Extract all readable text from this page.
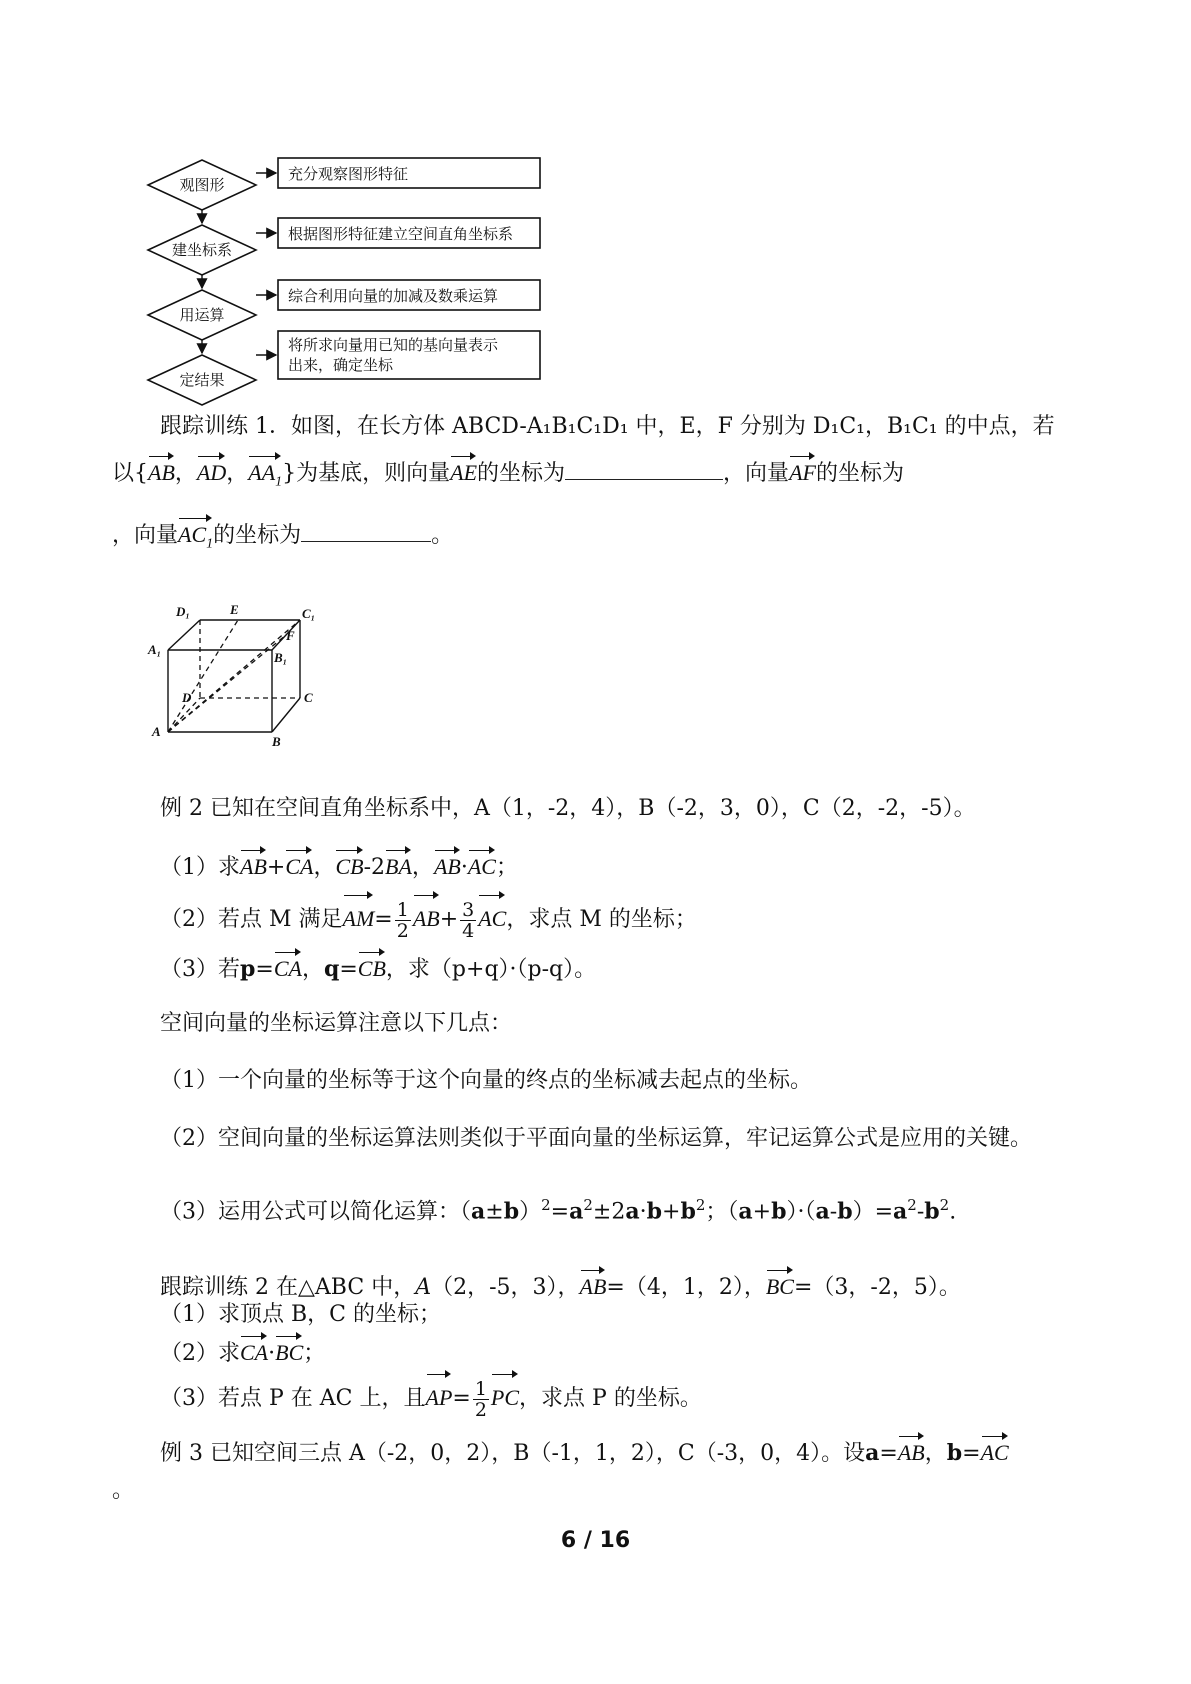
观图形
建坐标系
用运算
定结果
充分观察图形特征
根据图形特征建立空间直角坐标系
综合利用向量的加减及数乘运算
将所求向量用已知的基向量表示
出来，确定坐标
跟踪训练 1．如图，在长方体 ABCD-A₁B₁C₁D₁ 中，E，F 分别为 D₁C₁，B₁C₁ 的中点，若
以{AB，AD，$AA_1$}为基底，则向量AE的坐标为	，向量AF的坐标为
，向量$AC_1$的坐标为	。
D₁	E	C₁
A₁
F
B₁
D	C
A
B
例 2 已知在空间直角坐标系中，A（1，-2，4），B（-2，3，0），C（2，-2，-5）。
（1）求AB+CA，CB-2BA，AB·AC；
（2）若点 M 满足$AM= \frac{1}{2} AB+ \frac{3}{4}$ AC，求点 M 的坐标；
（3）若p=CA，q=CB，求（p+q）·（p-q）。
空间向量的坐标运算注意以下几点：
（1）一个向量的坐标等于这个向量的终点的坐标减去起点的坐标。
（2）空间向量的坐标运算法则类似于平面向量的坐标运算，牢记运算公式是应用的关键。
（3）运用公式可以简化运算：$(a\pm b)^2=a^2\pm 2a\cdot b+b^2$；$(a+b)\cdot(a-b)=a^2-b^2$.
跟踪训练 2 在△ABC 中，A（2，-5，3），AB=（4，1，2），BC=（3，-2，5）。
（1）求顶点 B，C 的坐标；
（2）求CA·BC；
（3）若点 P 在 AC 上，且$AP= \frac{1}{2}$ PC，求点 P 的坐标。
例 3 已知空间三点 A（-2，0，2），B（-1，1，2），C（-3，0，4）。设a=AB，b=AC
。
6 / 16
